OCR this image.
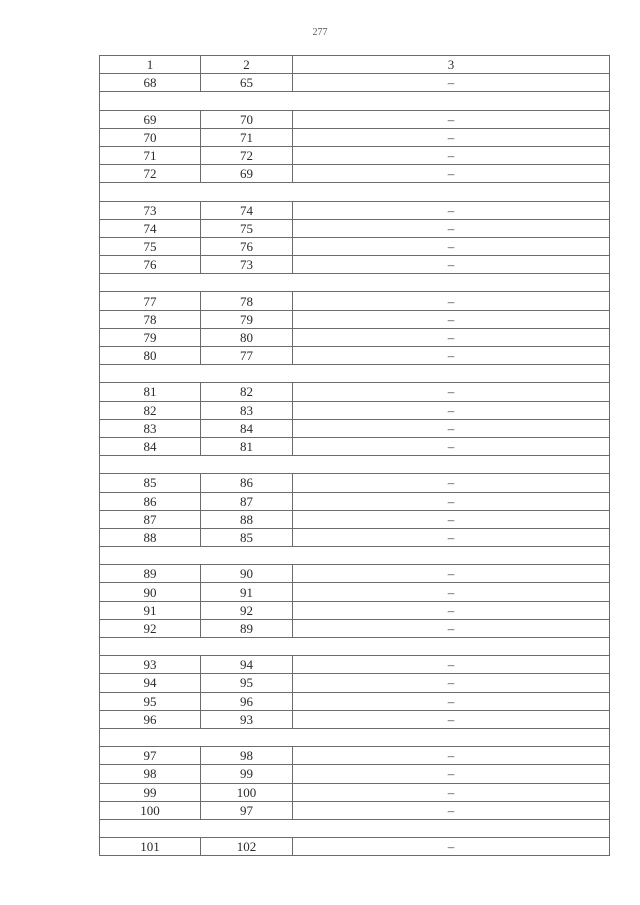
277
1	2	3
68	65	–

69	70	–
70	71	–
71	72	–
72	69	–

73	74	–
74	75	–
75	76	–
76	73	–

77	78	–
78	79	–
79	80	–
80	77	–

81	82	–
82	83	–
83	84	–
84	81	–

85	86	–
86	87	–
87	88	–
88	85	–

89	90	–
90	91	–
91	92	–
92	89	–

93	94	–
94	95	–
95	96	–
96	93	–

97	98	–
98	99	–
99	100	–
100	97	–

101	102	–
